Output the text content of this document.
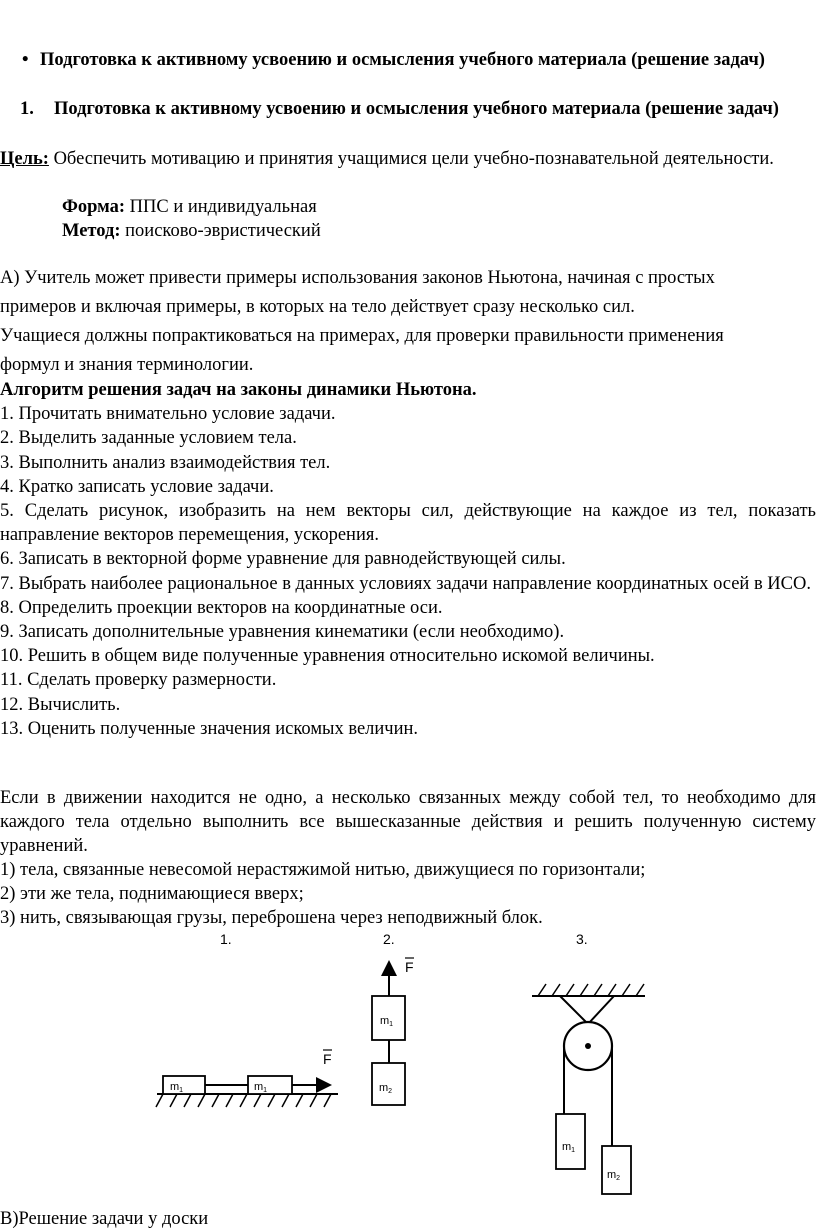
• Подготовка к активному усвоению и осмысления учебного материала (решение задач)
1.	Подготовка к активному усвоению и осмысления учебного материала (решение задач)
Цель: Обеспечить мотивацию и принятия учащимися цели учебно-познавательной деятельности.
Форма: ППС и индивидуальная
Метод: поисково-эвристический
А) Учитель может привести примеры использования законов Ньютона, начиная с простых
примеров и включая примеры, в которых на тело действует сразу несколько сил.
Учащиеся должны попрактиковаться на примерах, для проверки правильности применения
формул и знания терминологии.
Алгоритм решения задач на законы динамики Ньютона.
1. Прочитать внимательно условие задачи.
2. Выделить заданные условием тела.
3. Выполнить анализ взаимодействия тел.
4. Кратко записать условие задачи.
5. Сделать рисунок, изобразить на нем векторы сил, действующие на каждое из тел, показать направление векторов перемещения, ускорения.
6. Записать в векторной форме уравнение для равнодействующей силы.
7. Выбрать наиболее рациональное в данных условиях задачи направление координатных осей в ИСО.
8. Определить проекции векторов на координатные оси.
9. Записать дополнительные уравнения кинематики (если необходимо).
10. Решить в общем виде полученные уравнения относительно искомой величины.
11. Сделать проверку размерности.
12. Вычислить.
13. Оценить полученные значения искомых величин.
Если в движении находится не одно, а несколько связанных между собой тел, то необходимо для каждого тела отдельно выполнить все вышесказанные действия и решить полученную систему уравнений.
1) тела, связанные невесомой нерастяжимой нитью, движущиеся по горизонтали;
2) эти же тела, поднимающиеся вверх;
3) нить, связывающая грузы, переброшена через неподвижный блок.
1.
m1	m1
F
2.
F
m1
m2
3.
m1
m2
В)Решение задачи у доски
